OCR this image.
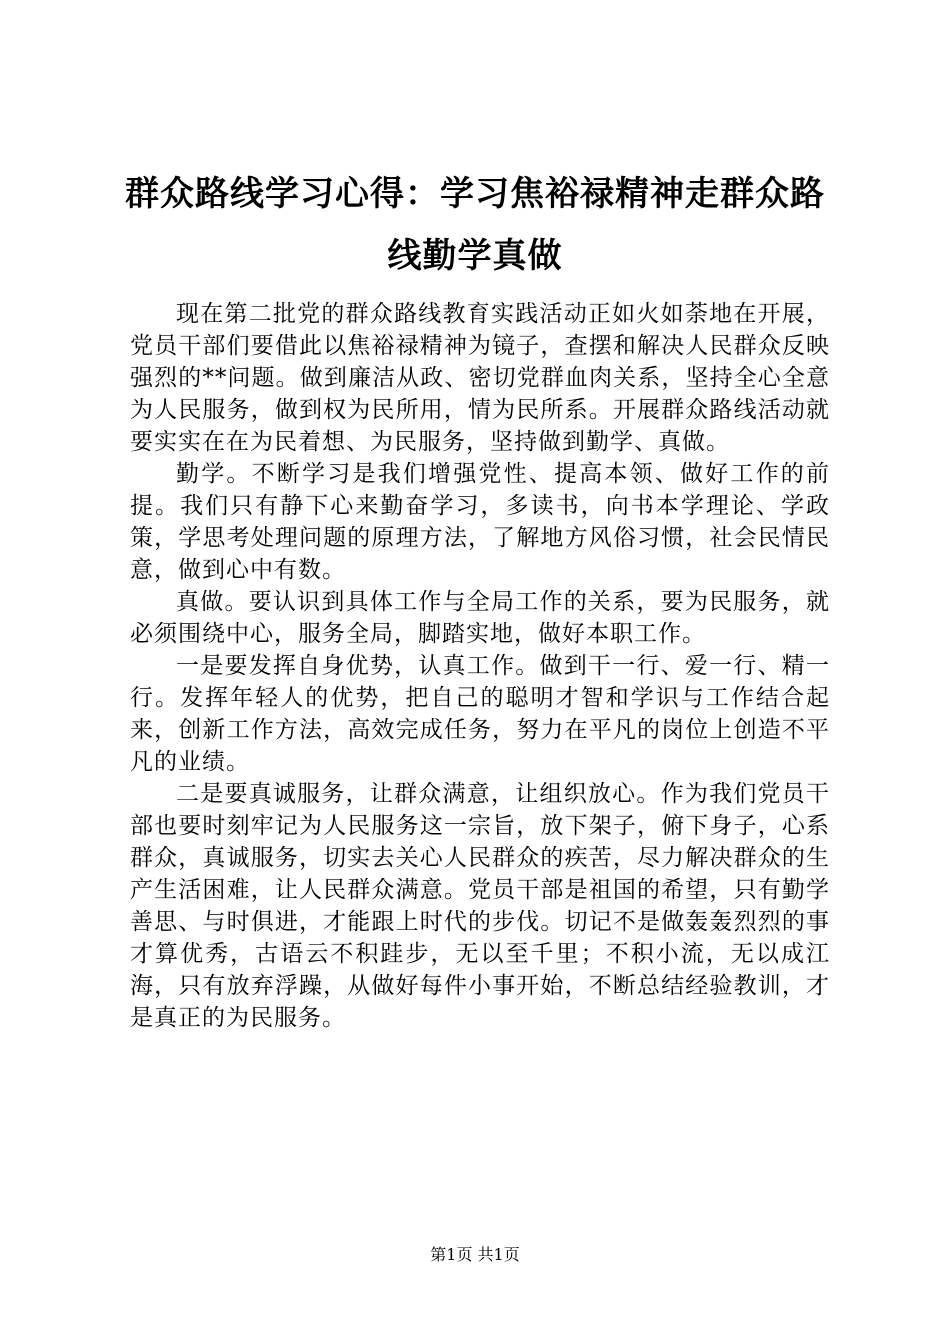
群众路线学习心得：学习焦裕禄精神走群众路线勤学真做

现在第二批党的群众路线教育实践活动正如火如荼地在开展，党员干部们要借此以焦裕禄精神为镜子，查摆和解决人民群众反映强烈的**问题。做到廉洁从政、密切党群血肉关系，坚持全心全意为人民服务，做到权为民所用，情为民所系。开展群众路线活动就要实实在在为民着想、为民服务，坚持做到勤学、真做。

勤学。不断学习是我们增强党性、提高本领、做好工作的前提。我们只有静下心来勤奋学习，多读书，向书本学理论、学政策，学思考处理问题的原理方法，了解地方风俗习惯，社会民情民意，做到心中有数。

真做。要认识到具体工作与全局工作的关系，要为民服务，就必须围绕中心，服务全局，脚踏实地，做好本职工作。

一是要发挥自身优势，认真工作。做到干一行、爱一行、精一行。发挥年轻人的优势，把自己的聪明才智和学识与工作结合起来，创新工作方法，高效完成任务，努力在平凡的岗位上创造不平凡的业绩。

二是要真诚服务，让群众满意，让组织放心。作为我们党员干部也要时刻牢记为人民服务这一宗旨，放下架子，俯下身子，心系群众，真诚服务，切实去关心人民群众的疾苦，尽力解决群众的生产生活困难，让人民群众满意。党员干部是祖国的希望，只有勤学善思、与时俱进，才能跟上时代的步伐。切记不是做轰轰烈烈的事才算优秀，古语云不积跬步，无以至千里；不积小流，无以成江海，只有放弃浮躁，从做好每件小事开始，不断总结经验教训，才是真正的为民服务。

第1页 共1页
